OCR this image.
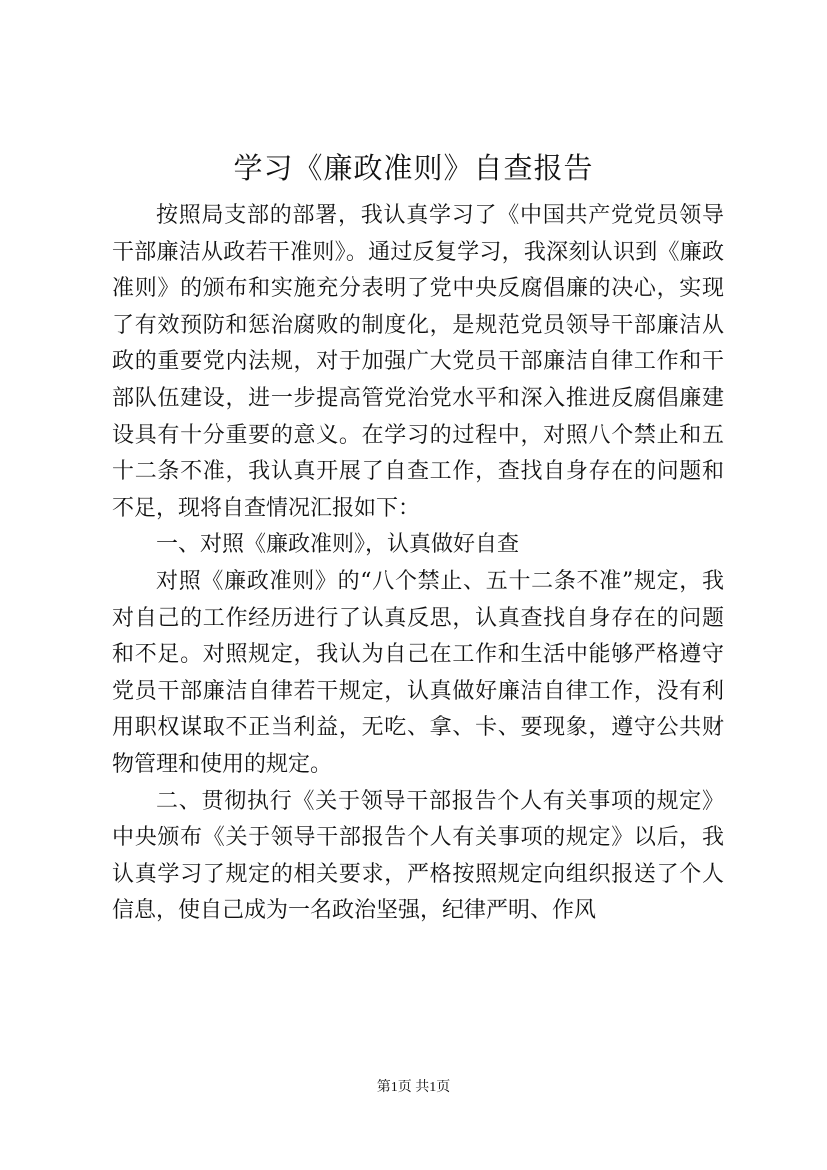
学习《廉政准则》自查报告

按照局支部的部署，我认真学习了《中国共产党党员领导干部廉洁从政若干准则》。通过反复学习，我深刻认识到《廉政准则》的颁布和实施充分表明了党中央反腐倡廉的决心，实现了有效预防和惩治腐败的制度化，是规范党员领导干部廉洁从政的重要党内法规，对于加强广大党员干部廉洁自律工作和干部队伍建设，进一步提高管党治党水平和深入推进反腐倡廉建设具有十分重要的意义。在学习的过程中，对照八个禁止和五十二条不准，我认真开展了自查工作，查找自身存在的问题和不足，现将自查情况汇报如下：

一、对照《廉政准则》，认真做好自查

对照《廉政准则》的“八个禁止、五十二条不准”规定，我对自己的工作经历进行了认真反思，认真查找自身存在的问题和不足。对照规定，我认为自己在工作和生活中能够严格遵守党员干部廉洁自律若干规定，认真做好廉洁自律工作，没有利用职权谋取不正当利益，无吃、拿、卡、要现象，遵守公共财物管理和使用的规定。

二、贯彻执行《关于领导干部报告个人有关事项的规定》中央颁布《关于领导干部报告个人有关事项的规定》以后，我认真学习了规定的相关要求，严格按照规定向组织报送了个人信息，使自己成为一名政治坚强，纪律严明、作风

第1页 共1页
